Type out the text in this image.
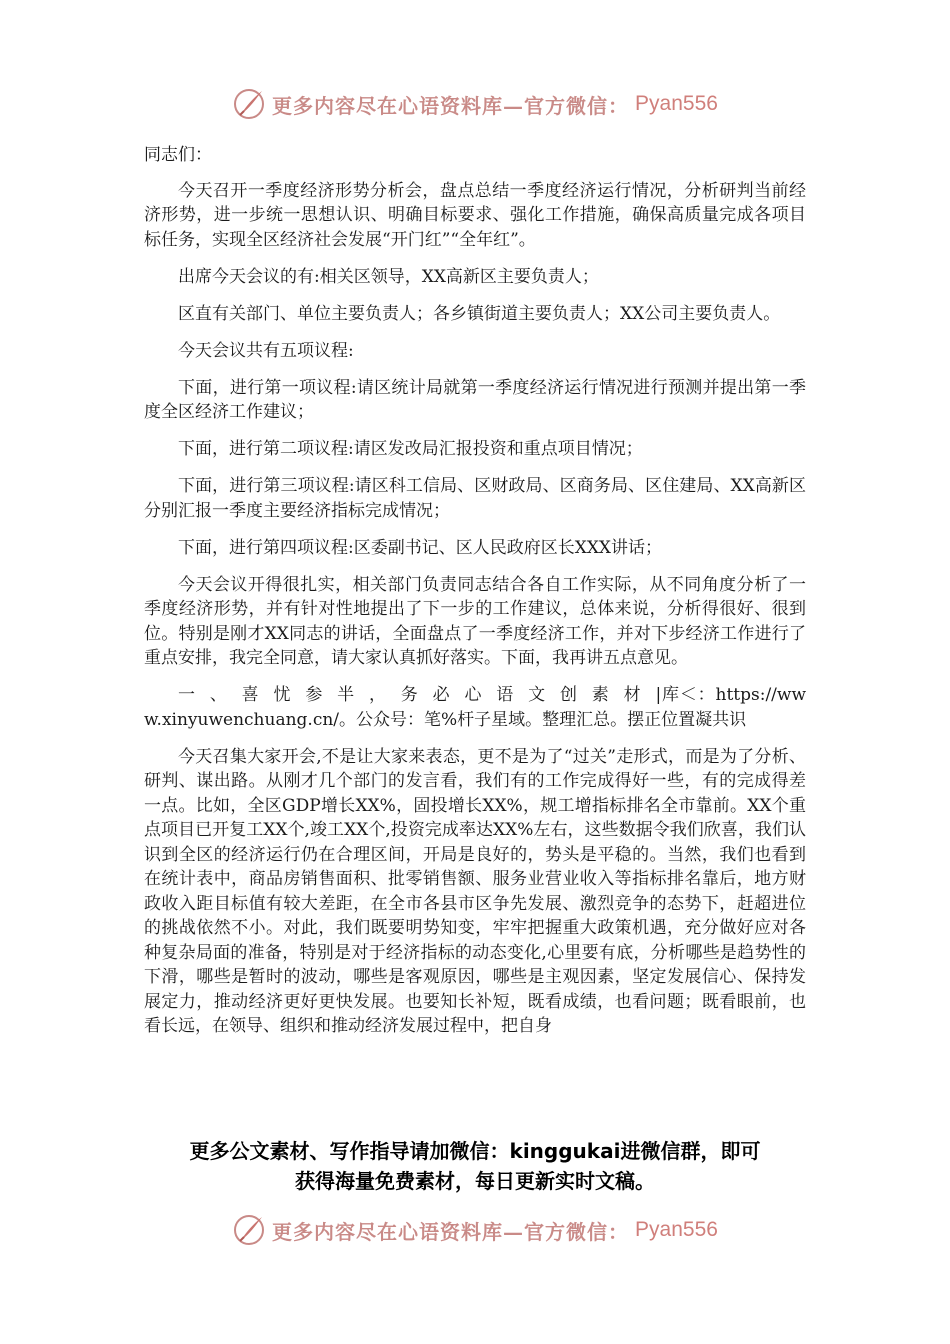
更多内容尽在心语资料库—官方微信： Pyan556

同志们：

今天召开一季度经济形势分析会，盘点总结一季度经济运行情况，分析研判当前经济形势，进一步统一思想认识、明确目标要求、强化工作措施，确保高质量完成各项目标任务，实现全区经济社会发展“开门红”“全年红”。

出席今天会议的有:相关区领导，XX高新区主要负责人；

区直有关部门、单位主要负责人；各乡镇街道主要负责人；XX公司主要负责人。

今天会议共有五项议程:

下面，进行第一项议程:请区统计局就第一季度经济运行情况进行预测并提出第一季度全区经济工作建议；

下面，进行第二项议程:请区发改局汇报投资和重点项目情况；

下面，进行第三项议程:请区科工信局、区财政局、区商务局、区住建局、XX高新区分别汇报一季度主要经济指标完成情况；

下面，进行第四项议程:区委副书记、区人民政府区长XXX讲话；

今天会议开得很扎实，相关部门负责同志结合各自工作实际，从不同角度分析了一季度经济形势，并有针对性地提出了下一步的工作建议，总体来说，分析得很好、很到位。特别是刚才XX同志的讲话，全面盘点了一季度经济工作，并对下步经济工作进行了重点安排，我完全同意，请大家认真抓好落实。下面，我再讲五点意见。

一、喜忧参半，务必心语文创素材|库＜：https://www.xinyuwenchuang.cn/。公众号：笔%杆子星域。整理汇总。摆正位置凝共识

今天召集大家开会,不是让大家来表态，更不是为了“过关”走形式，而是为了分析、研判、谋出路。从刚才几个部门的发言看，我们有的工作完成得好一些，有的完成得差一点。比如，全区GDP增长XX%，固投增长XX%，规工增指标排名全市靠前。XX个重点项目已开复工XX个,竣工XX个,投资完成率达XX%左右，这些数据令我们欣喜，我们认识到全区的经济运行仍在合理区间，开局是良好的，势头是平稳的。当然，我们也看到在统计表中，商品房销售面积、批零销售额、服务业营业收入等指标排名靠后，地方财政收入距目标值有较大差距，在全市各县市区争先发展、激烈竞争的态势下，赶超进位的挑战依然不小。对此，我们既要明势知变，牢牢把握重大政策机遇，充分做好应对各种复杂局面的准备，特别是对于经济指标的动态变化,心里要有底，分析哪些是趋势性的下滑，哪些是暂时的波动，哪些是客观原因，哪些是主观因素，坚定发展信心、保持发展定力，推动经济更好更快发展。也要知长补短，既看成绩，也看问题；既看眼前，也看长远，在领导、组织和推动经济发展过程中，把自身

更多公文素材、写作指导请加微信：kinggukai进微信群，即可
获得海量免费素材，每日更新实时文稿。
更多内容尽在心语资料库—官方微信： Pyan556
